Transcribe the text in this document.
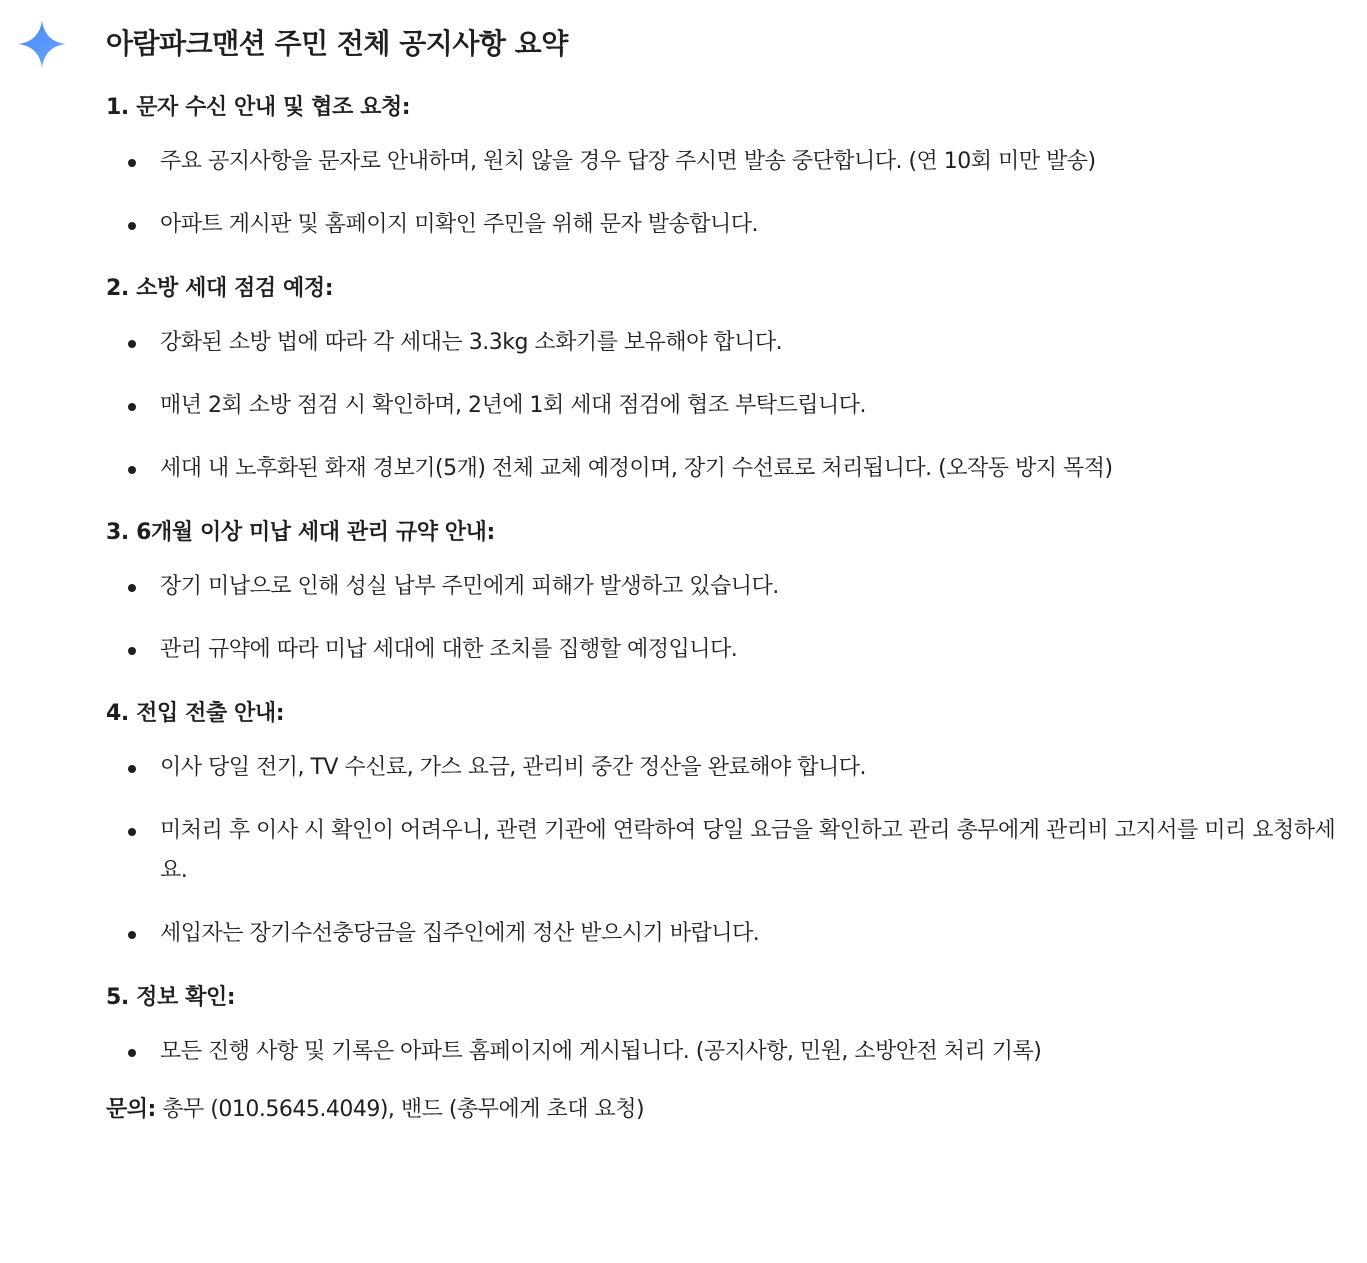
아람파크맨션 주민 전체 공지사항 요약
1. 문자 수신 안내 및 협조 요청:
주요 공지사항을 문자로 안내하며, 원치 않을 경우 답장 주시면 발송 중단합니다. (연 10회 미만 발송)
아파트 게시판 및 홈페이지 미확인 주민을 위해 문자 발송합니다.
2. 소방 세대 점검 예정:
강화된 소방 법에 따라 각 세대는 3.3kg 소화기를 보유해야 합니다.
매년 2회 소방 점검 시 확인하며, 2년에 1회 세대 점검에 협조 부탁드립니다.
세대 내 노후화된 화재 경보기(5개) 전체 교체 예정이며, 장기 수선료로 처리됩니다. (오작동 방지 목적)
3. 6개월 이상 미납 세대 관리 규약 안내:
장기 미납으로 인해 성실 납부 주민에게 피해가 발생하고 있습니다.
관리 규약에 따라 미납 세대에 대한 조치를 집행할 예정입니다.
4. 전입 전출 안내:
이사 당일 전기, TV 수신료, 가스 요금, 관리비 중간 정산을 완료해야 합니다.
미처리 후 이사 시 확인이 어려우니, 관련 기관에 연락하여 당일 요금을 확인하고 관리 총무에게 관리비 고지서를 미리 요청하세요.
세입자는 장기수선충당금을 집주인에게 정산 받으시기 바랍니다.
5. 정보 확인:
모든 진행 사항 및 기록은 아파트 홈페이지에 게시됩니다. (공지사항, 민원, 소방안전 처리 기록)
문의: 총무 (010.5645.4049), 밴드 (총무에게 초대 요청)
